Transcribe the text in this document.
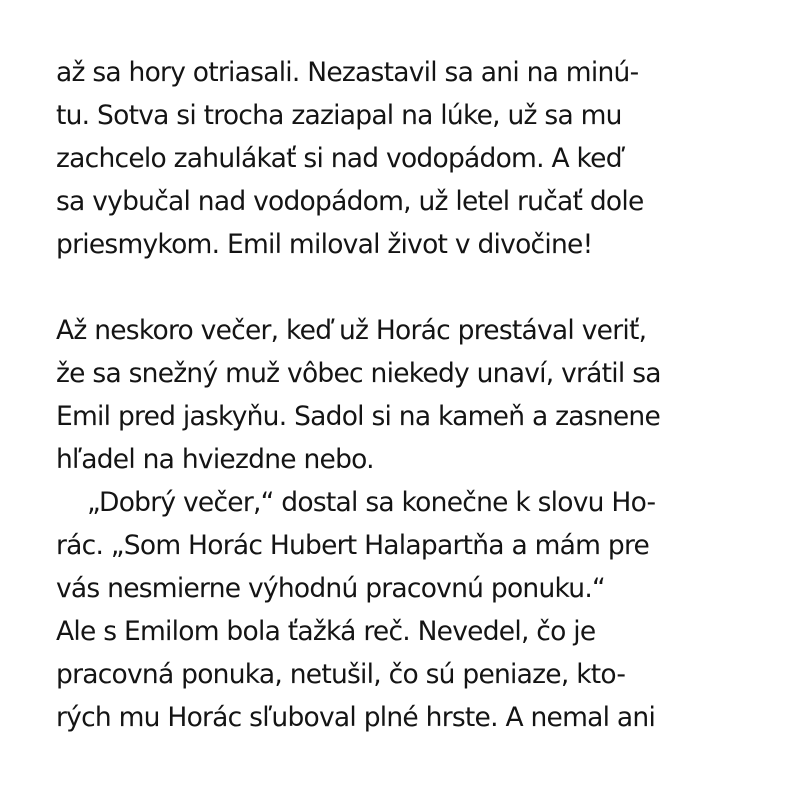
až sa hory otriasali. Nezastavil sa ani na minú-
tu. Sotva si trocha zaziapal na lúke, už sa mu
zachcelo zahulákať si nad vodopádom. A keď
sa vybučal nad vodopádom, už letel ručať dole
priesmykom. Emil miloval život v divočine!
Až neskoro večer, keď už Horác prestával veriť,
že sa snežný muž vôbec niekedy unaví, vrátil sa
Emil pred jaskyňu. Sadol si na kameň a zasnene
hľadel na hviezdne nebo.
„Dobrý večer,“ dostal sa konečne k slovu Ho-
rác. „Som Horác Hubert Halapartňa a mám pre
vás nesmierne výhodnú pracovnú ponuku.“
Ale s Emilom bola ťažká reč. Nevedel, čo je
pracovná ponuka, netušil, čo sú peniaze, kto-
rých mu Horác sľuboval plné hrste. A nemal ani
